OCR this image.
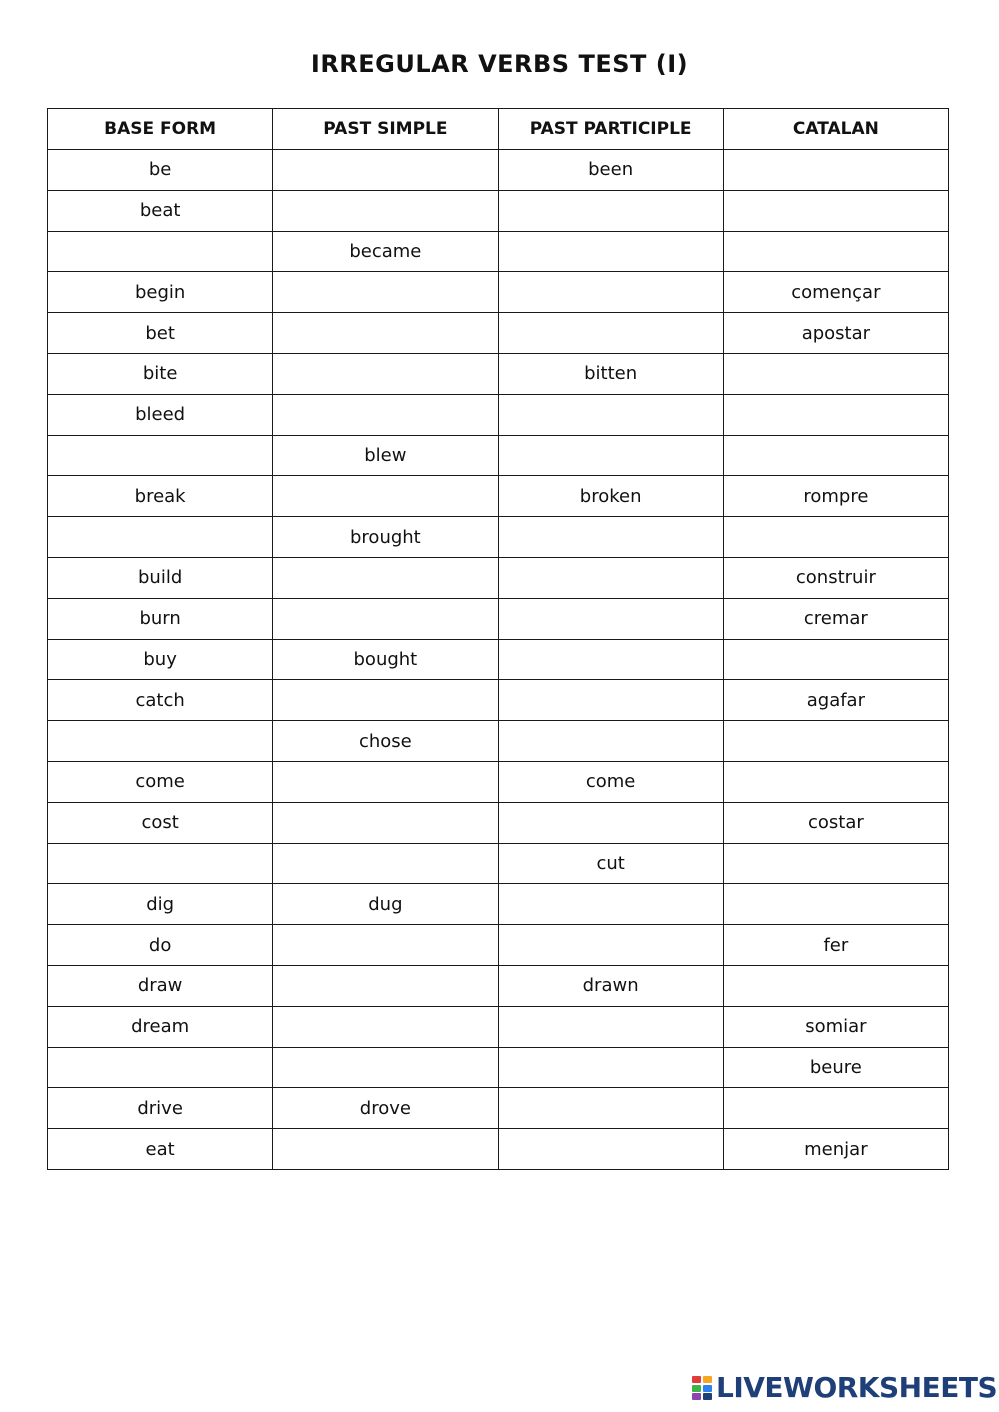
IRREGULAR VERBS TEST (I)
BASE FORM	PAST SIMPLE	PAST PARTICIPLE	CATALAN
be		been	
beat			
	became		
begin			començar
bet			apostar
bite		bitten	
bleed			
	blew		
break		broken	rompre
	brought		
build			construir
burn			cremar
buy	bought		
catch			agafar
	chose		
come		come	
cost			costar
		cut	
dig	dug		
do			fer
draw		drawn	
dream			somiar
			beure
drive	drove		
eat			menjar
LIVEWORKSHEETS
